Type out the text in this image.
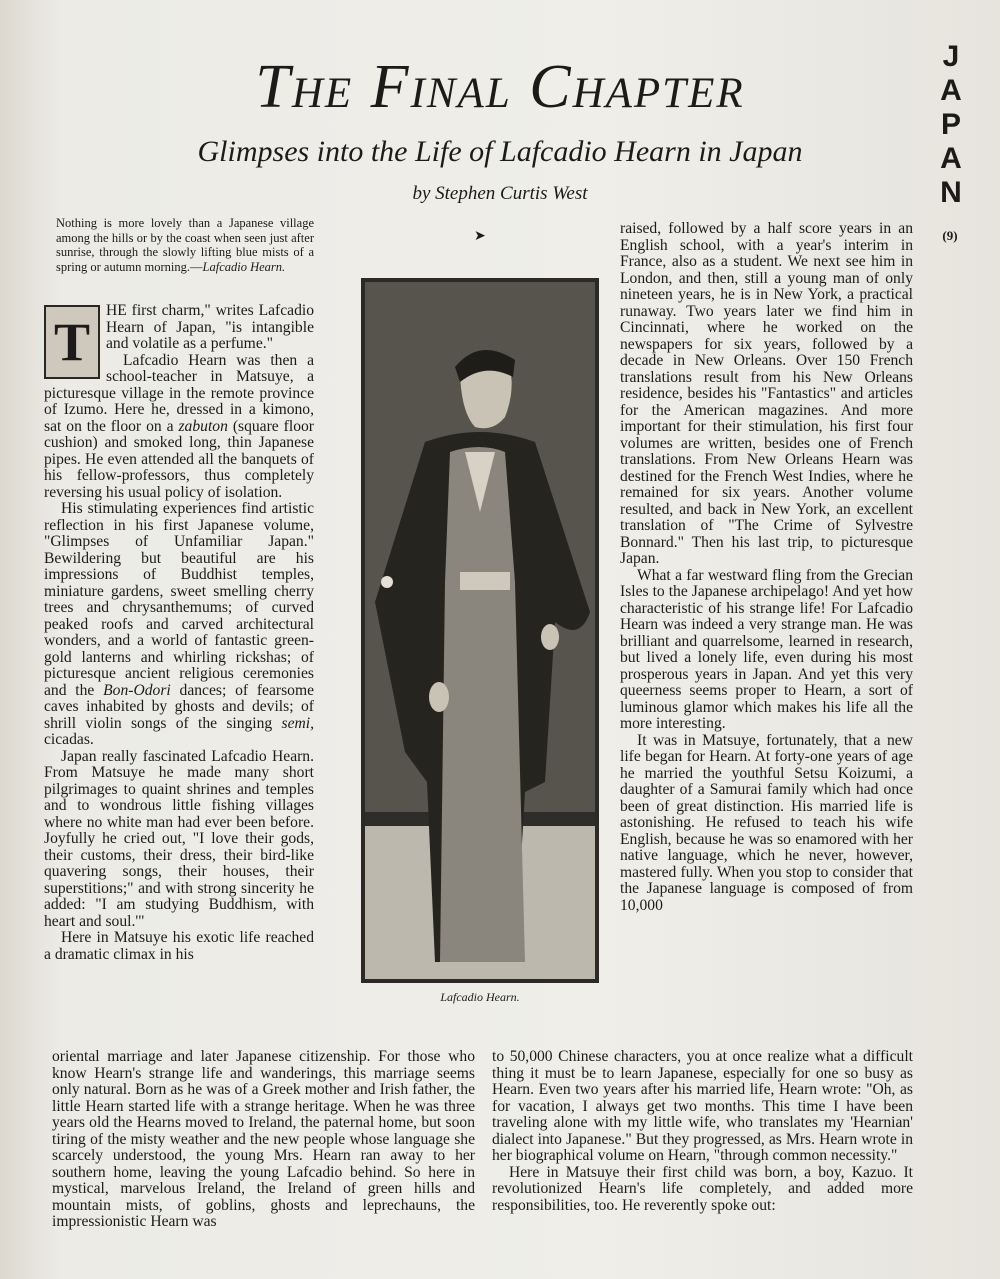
The Final Chapter
Glimpses into the Life of Lafcadio Hearn in Japan
by Stephen Curtis West
J
A
P
A
N
(9)
Nothing is more lovely than a Japanese village among the hills or by the coast when seen just after sunrise, through the slowly lifting blue mists of a spring or autumn morning.—Lafcadio Hearn.
➤

T
HE first charm," writes Lafcadio Hearn of Japan, "is intangible and volatile as a perfume."

Lafcadio Hearn was then a school-teacher in Matsuye, a picturesque village in the remote province of Izumo. Here he, dressed in a kimono, sat on the floor on a zabuton (square floor cushion) and smoked long, thin Japanese pipes. He even attended all the banquets of his fellow-professors, thus completely reversing his usual policy of isolation.

His stimulating experiences find artistic reflection in his first Japanese volume, "Glimpses of Unfamiliar Japan." Bewildering but beautiful are his impressions of Buddhist temples, miniature gardens, sweet smelling cherry trees and chrysanthemums; of curved peaked roofs and carved architectural wonders, and a world of fantastic green-gold lanterns and whirling rickshas; of picturesque ancient religious ceremonies and the Bon-Odori dances; of fearsome caves inhabited by ghosts and devils; of shrill violin songs of the singing semi, cicadas.

Japan really fascinated Lafcadio Hearn. From Matsuye he made many short pilgrimages to quaint shrines and temples and to wondrous little fishing villages where no white man had ever been before. Joyfully he cried out, "I love their gods, their customs, their dress, their bird-like quavering songs, their houses, their superstitions;" and with strong sincerity he added: "I am studying Buddhism, with heart and soul.'"

Here in Matsuye his exotic life reached a dramatic climax in his

Lafcadio Hearn.

raised, followed by a half score years in an English school, with a year's interim in France, also as a student. We next see him in London, and then, still a young man of only nineteen years, he is in New York, a practical runaway. Two years later we find him in Cincinnati, where he worked on the newspapers for six years, followed by a decade in New Orleans. Over 150 French translations result from his New Orleans residence, besides his "Fantastics" and articles for the American magazines. And more important for their stimulation, his first four volumes are written, besides one of French translations. From New Orleans Hearn was destined for the French West Indies, where he remained for six years. Another volume resulted, and back in New York, an excellent translation of "The Crime of Sylvestre Bonnard." Then his last trip, to picturesque Japan.

What a far westward fling from the Grecian Isles to the Japanese archipelago! And yet how characteristic of his strange life! For Lafcadio Hearn was indeed a very strange man. He was brilliant and quarrelsome, learned in research, but lived a lonely life, even during his most prosperous years in Japan. And yet this very queerness seems proper to Hearn, a sort of luminous glamor which makes his life all the more interesting.

It was in Matsuye, fortunately, that a new life began for Hearn. At forty-one years of age he married the youthful Setsu Koizumi, a daughter of a Samurai family which had once been of great distinction. His married life is astonishing. He refused to teach his wife English, because he was so enamored with her native language, which he never, however, mastered fully. When you stop to consider that the Japanese language is composed of from 10,000

oriental marriage and later Japanese citizenship. For those who know Hearn's strange life and wanderings, this marriage seems only natural. Born as he was of a Greek mother and Irish father, the little Hearn started life with a strange heritage. When he was three years old the Hearns moved to Ireland, the paternal home, but soon tiring of the misty weather and the new people whose language she scarcely understood, the young Mrs. Hearn ran away to her southern home, leaving the young Lafcadio behind. So here in mystical, marvelous Ireland, the Ireland of green hills and mountain mists, of goblins, ghosts and leprechauns, the impressionistic Hearn was

to 50,000 Chinese characters, you at once realize what a difficult thing it must be to learn Japanese, especially for one so busy as Hearn. Even two years after his married life, Hearn wrote: "Oh, as for vacation, I always get two months. This time I have been traveling alone with my little wife, who translates my 'Hearnian' dialect into Japanese." But they progressed, as Mrs. Hearn wrote in her biographical volume on Hearn, "through common necessity."

Here in Matsuye their first child was born, a boy, Kazuo. It revolutionized Hearn's life completely, and added more responsibilities, too. He reverently spoke out:
